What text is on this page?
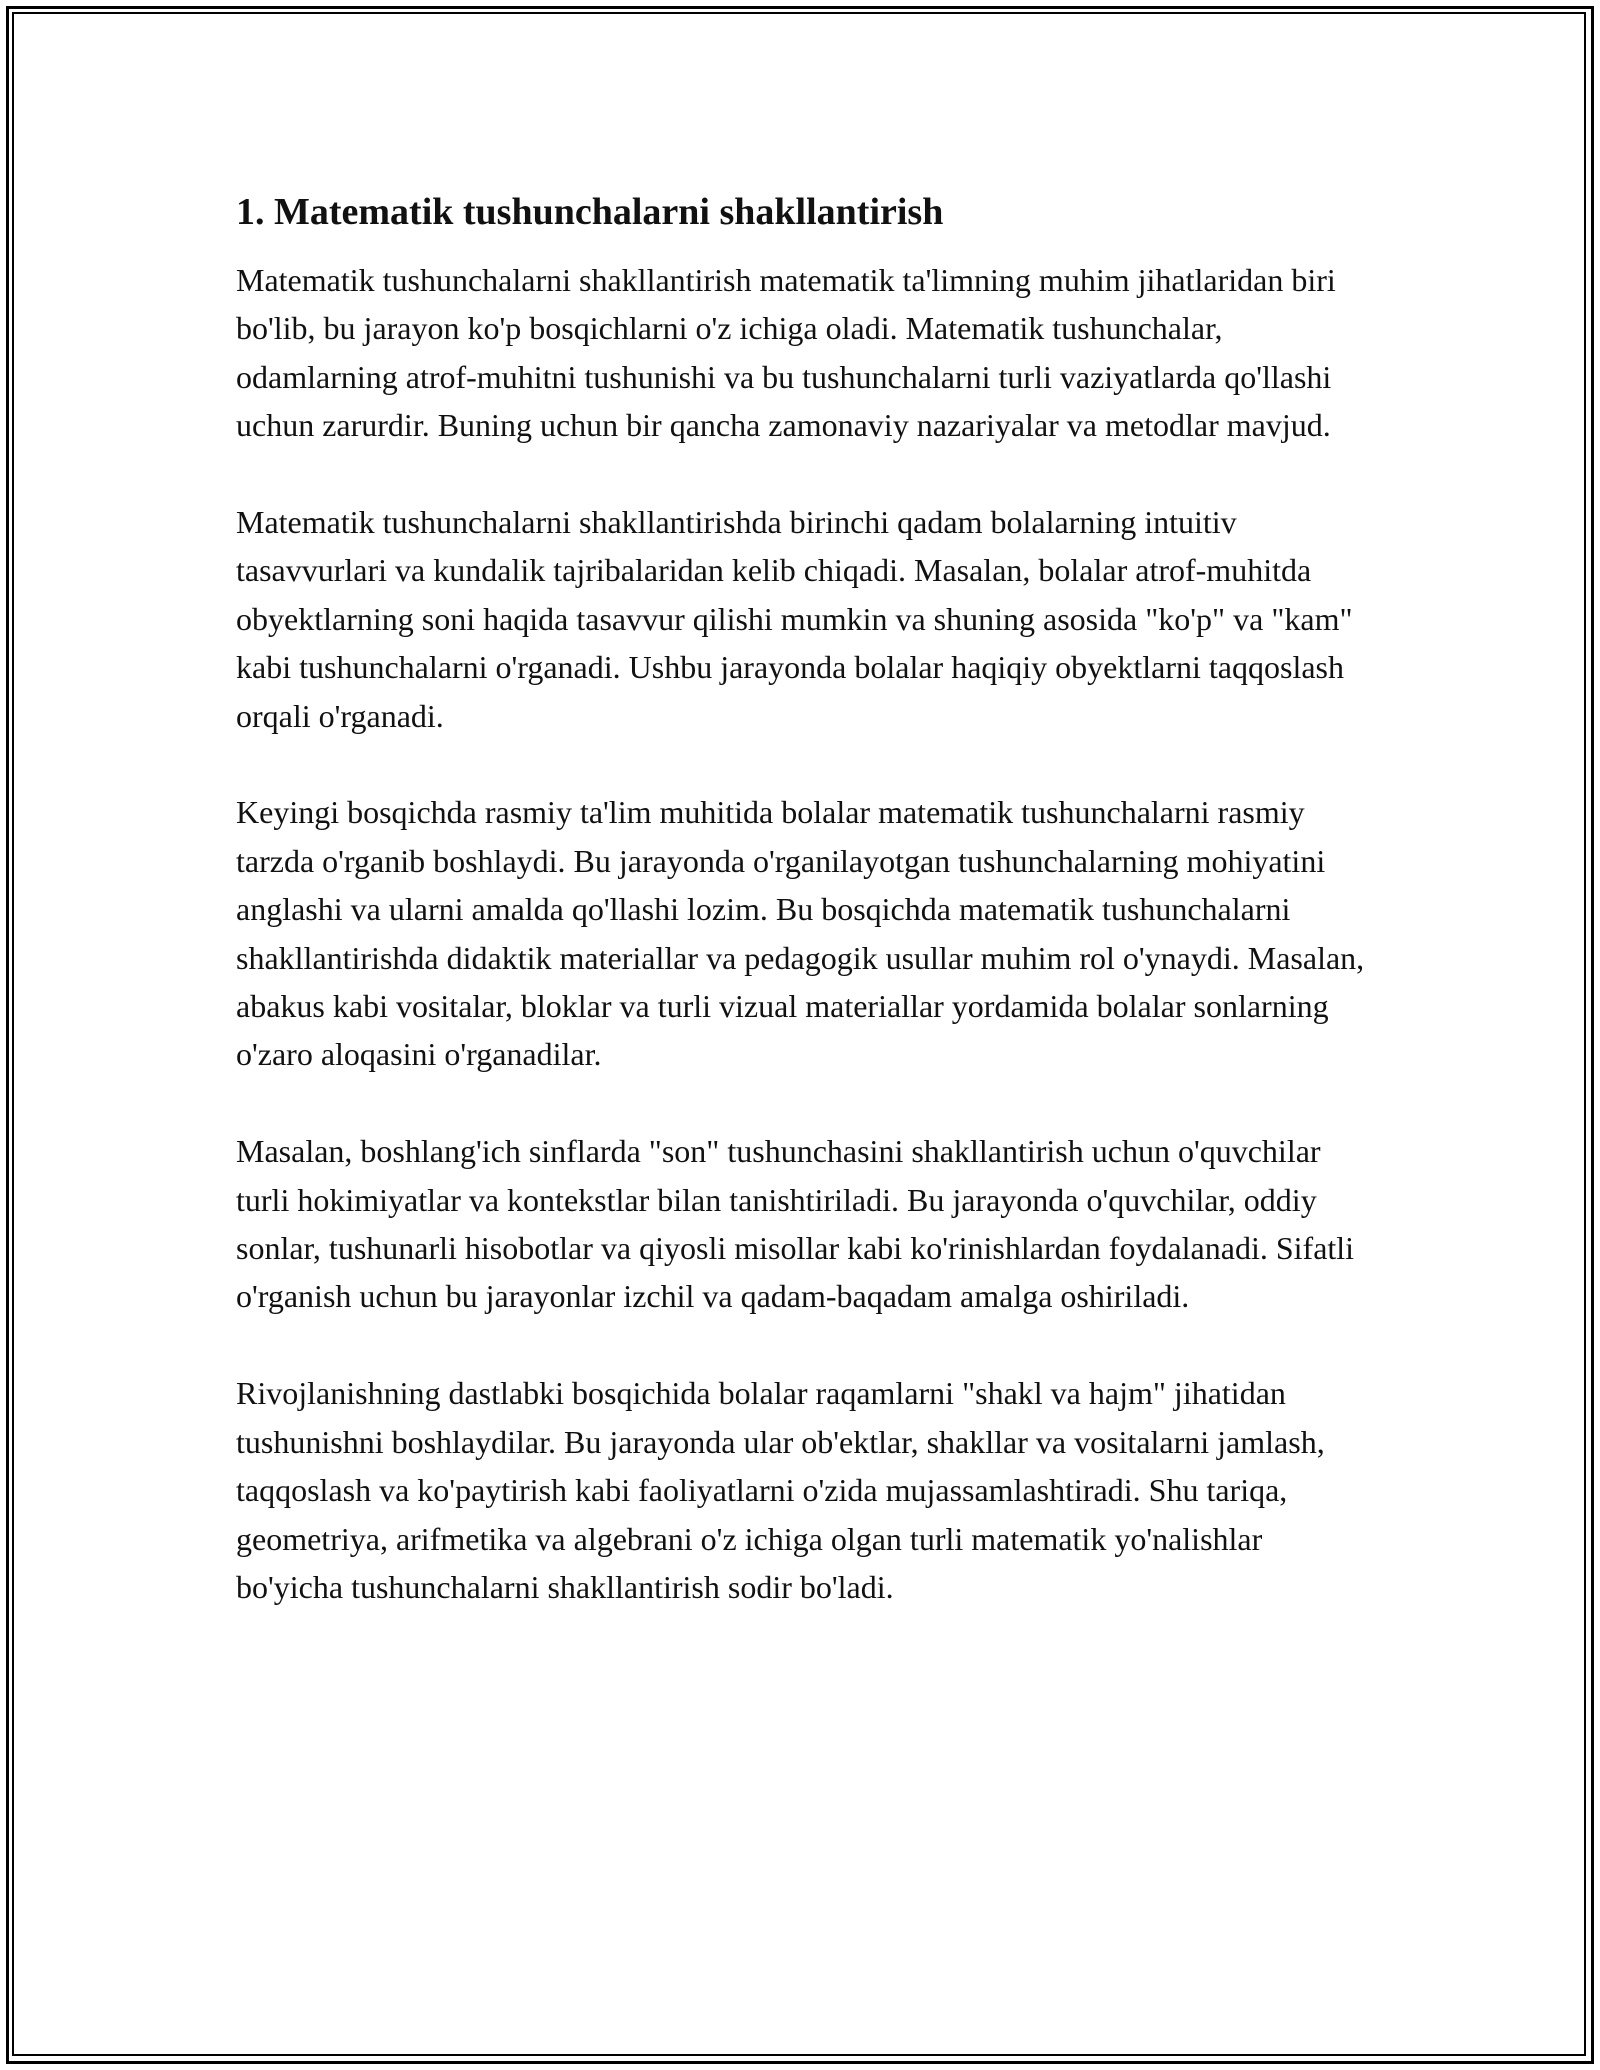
1. Matematik tushunchalarni shakllantirish

Matematik tushunchalarni shakllantirish matematik ta'limning muhim jihatlaridan biri bo'lib, bu jarayon ko'p bosqichlarni o'z ichiga oladi. Matematik tushunchalar, odamlarning atrof-muhitni tushunishi va bu tushunchalarni turli vaziyatlarda qo'llashi uchun zarurdir. Buning uchun bir qancha zamonaviy nazariyalar va metodlar mavjud.

Matematik tushunchalarni shakllantirishda birinchi qadam bolalarning intuitiv tasavvurlari va kundalik tajribalaridan kelib chiqadi. Masalan, bolalar atrof-muhitda obyektlarning soni haqida tasavvur qilishi mumkin va shuning asosida "ko'p" va "kam" kabi tushunchalarni o'rganadi. Ushbu jarayonda bolalar haqiqiy obyektlarni taqqoslash orqali o'rganadi.

Keyingi bosqichda rasmiy ta'lim muhitida bolalar matematik tushunchalarni rasmiy tarzda o'rganib boshlaydi. Bu jarayonda o'rganilayotgan tushunchalarning mohiyatini anglashi va ularni amalda qo'llashi lozim. Bu bosqichda matematik tushunchalarni shakllantirishda didaktik materiallar va pedagogik usullar muhim rol o'ynaydi. Masalan, abakus kabi vositalar, bloklar va turli vizual materiallar yordamida bolalar sonlarning o'zaro aloqasini o'rganadilar.

Masalan, boshlang'ich sinflarda "son" tushunchasini shakllantirish uchun o'quvchilar turli hokimiyatlar va kontekstlar bilan tanishtiriladi. Bu jarayonda o'quvchilar, oddiy sonlar, tushunarli hisobotlar va qiyosli misollar kabi ko'rinishlardan foydalanadi. Sifatli o'rganish uchun bu jarayonlar izchil va qadam-baqadam amalga oshiriladi.

Rivojlanishning dastlabki bosqichida bolalar raqamlarni "shakl va hajm" jihatidan tushunishni boshlaydilar. Bu jarayonda ular ob'ektlar, shakllar va vositalarni jamlash, taqqoslash va ko'paytirish kabi faoliyatlarni o'zida mujassamlashtiradi. Shu tariqa, geometriya, arifmetika va algebrani o'z ichiga olgan turli matematik yo'nalishlar bo'yicha tushunchalarni shakllantirish sodir bo'ladi.
